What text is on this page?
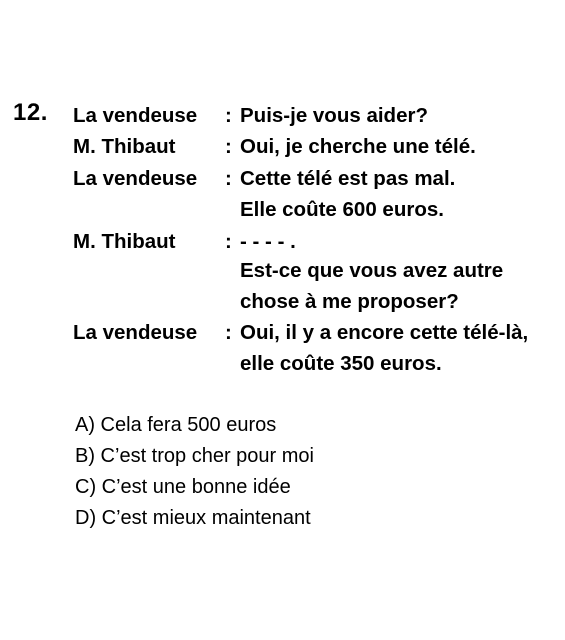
12. La vendeuse : Puis-je vous aider?
M. Thibaut : Oui, je cherche une télé.
La vendeuse : Cette télé est pas mal.
Elle coûte 600 euros.
M. Thibaut : - - - - .
Est-ce que vous avez autre
chose à me proposer?
La vendeuse : Oui, il y a encore cette télé-là,
elle coûte 350 euros.
A) Cela fera 500 euros
B) C’est trop cher pour moi
C) C’est une bonne idée
D) C’est mieux maintenant
